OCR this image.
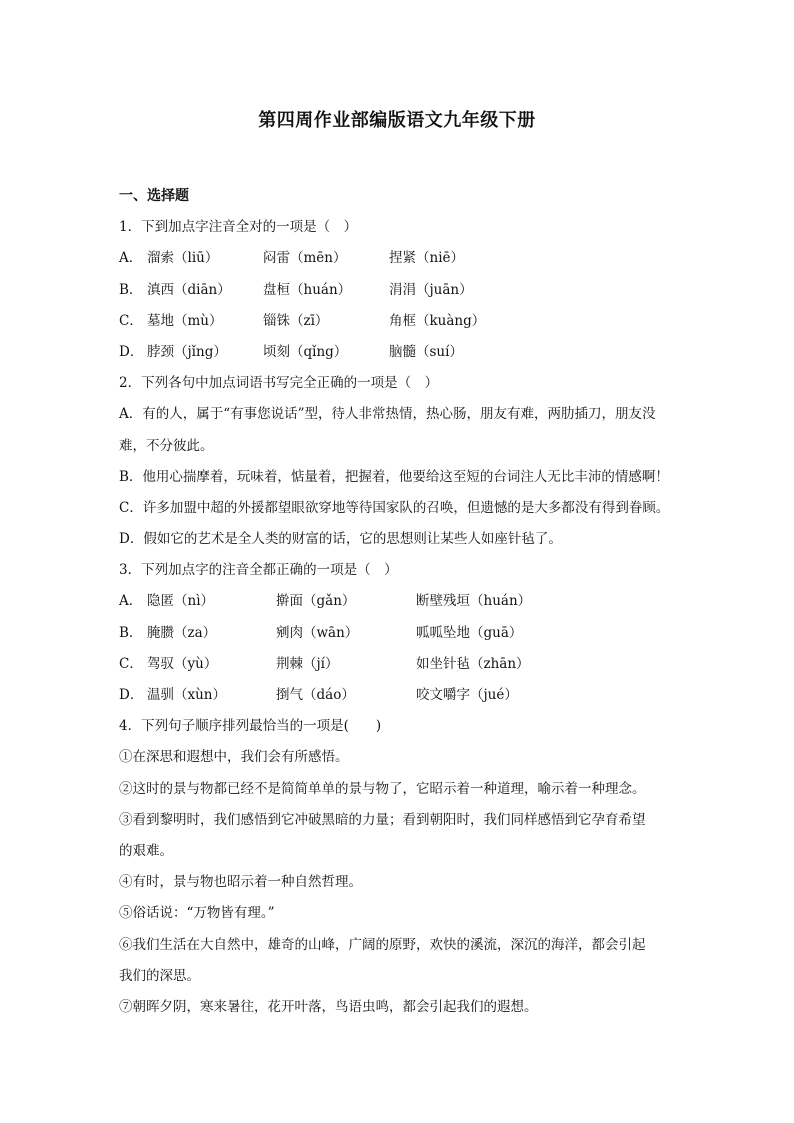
第四周作业部编版语文九年级下册
一、选择题
1．下到加点字注音全对的一项是（　）
A． 溜索（liū）	闷雷（mēn）	捏紧（niē）
B． 滇西（diān）	盘桓（huán）	涓涓（juān）
C． 墓地（mù）	锱铢（zī）	角框（kuàng）
D． 脖颈（jǐng）	顷刻（qǐng）	脑髓（suí）
2．下列各句中加点词语书写完全正确的一项是（　）
A．有的人，属于“有事您说话”型，待人非常热情，热心肠，朋友有难，两肋插刀，朋友没
难，不分彼此。
B．他用心揣摩着，玩味着，惦量着，把握着，他要给这至短的台词注人无比丰沛的情感啊！
C．许多加盟中超的外援都望眼欲穿地等待国家队的召唤，但遗憾的是大多都没有得到眷顾。
D．假如它的艺术是全人类的财富的话，它的思想则让某些人如座针毡了。
3．下列加点字的注音全都正确的一项是（　）
A． 隐匿（nì）	擀面（gǎn）	断壁残垣（huán）
B． 腌臜（za）	剜肉（wān）	呱呱坠地（guā）
C． 驾驭（yù）	荆棘（jí）	如坐针毡（zhān）
D． 温驯（xùn）	捯气（dáo）	咬文嚼字（jué）
4．下列句子顺序排列最恰当的一项是(　　)
①在深思和遐想中，我们会有所感悟。
②这时的景与物都已经不是简简单单的景与物了，它昭示着一种道理，喻示着一种理念。
③看到黎明时，我们感悟到它冲破黑暗的力量；看到朝阳时，我们同样感悟到它孕育希望
的艰难。
④有时，景与物也昭示着一种自然哲理。
⑤俗话说：“万物皆有理。”
⑥我们生活在大自然中，雄奇的山峰，广阔的原野，欢快的溪流，深沉的海洋，都会引起
我们的深思。
⑦朝晖夕阴，寒来暑往，花开叶落，鸟语虫鸣，都会引起我们的遐想。
